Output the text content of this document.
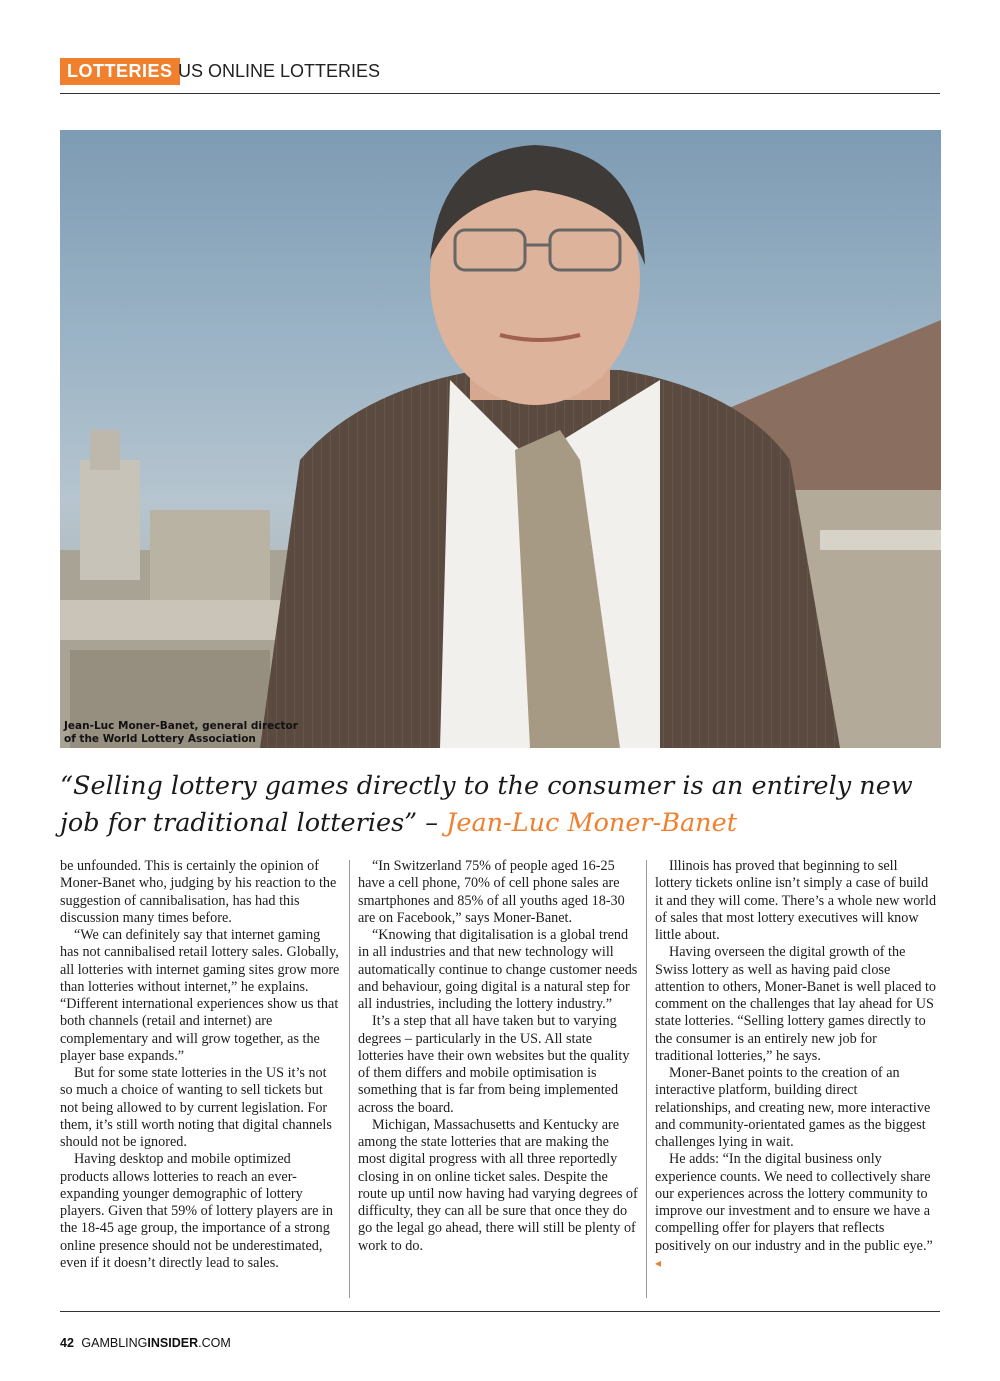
LOTTERIES US ONLINE LOTTERIES
Jean-Luc Moner-Banet, general director
of the World Lottery Association
“Selling lottery games directly to the consumer is an entirely new job for traditional lotteries” – Jean-Luc Moner-Banet

be unfounded. This is certainly the opinion of Moner-Banet who, judging by his reaction to the suggestion of cannibalisation, has had this discussion many times before.

“We can definitely say that internet gaming has not cannibalised retail lottery sales. Globally, all lotteries with internet gaming sites grow more than lotteries without internet,” he explains. “Different international experiences show us that both channels (retail and internet) are complementary and will grow together, as the player base expands.”

But for some state lotteries in the US it’s not so much a choice of wanting to sell tickets but not being allowed to by current legislation. For them, it’s still worth noting that digital channels should not be ignored.

Having desktop and mobile optimized products allows lotteries to reach an ever-expanding younger demographic of lottery players. Given that 59% of lottery players are in the 18-45 age group, the importance of a strong online presence should not be underestimated, even if it doesn’t directly lead to sales.

“In Switzerland 75% of people aged 16-25 have a cell phone, 70% of cell phone sales are smartphones and 85% of all youths aged 18-30 are on Facebook,” says Moner-Banet.

“Knowing that digitalisation is a global trend in all industries and that new technology will automatically continue to change customer needs and behaviour, going digital is a natural step for all industries, including the lottery industry.”

It’s a step that all have taken but to varying degrees – particularly in the US. All state lotteries have their own websites but the quality of them differs and mobile optimisation is something that is far from being implemented across the board.

Michigan, Massachusetts and Kentucky are among the state lotteries that are making the most digital progress with all three reportedly closing in on online ticket sales. Despite the route up until now having had varying degrees of difficulty, they can all be sure that once they do go the legal go ahead, there will still be plenty of work to do.

Illinois has proved that beginning to sell lottery tickets online isn’t simply a case of build it and they will come. There’s a whole new world of sales that most lottery executives will know little about.

Having overseen the digital growth of the Swiss lottery as well as having paid close attention to others, Moner-Banet is well placed to comment on the challenges that lay ahead for US state lotteries. “Selling lottery games directly to the consumer is an entirely new job for traditional lotteries,” he says.

Moner-Banet points to the creation of an interactive platform, building direct relationships, and creating new, more interactive and community-orientated games as the biggest challenges lying in wait.

He adds: “In the digital business only experience counts. We need to collectively share our experiences across the lottery community to improve our investment and to ensure we have a compelling offer for players that reflects positively on our industry and in the public eye.” ◂

42 GAMBLINGINSIDER.COM
